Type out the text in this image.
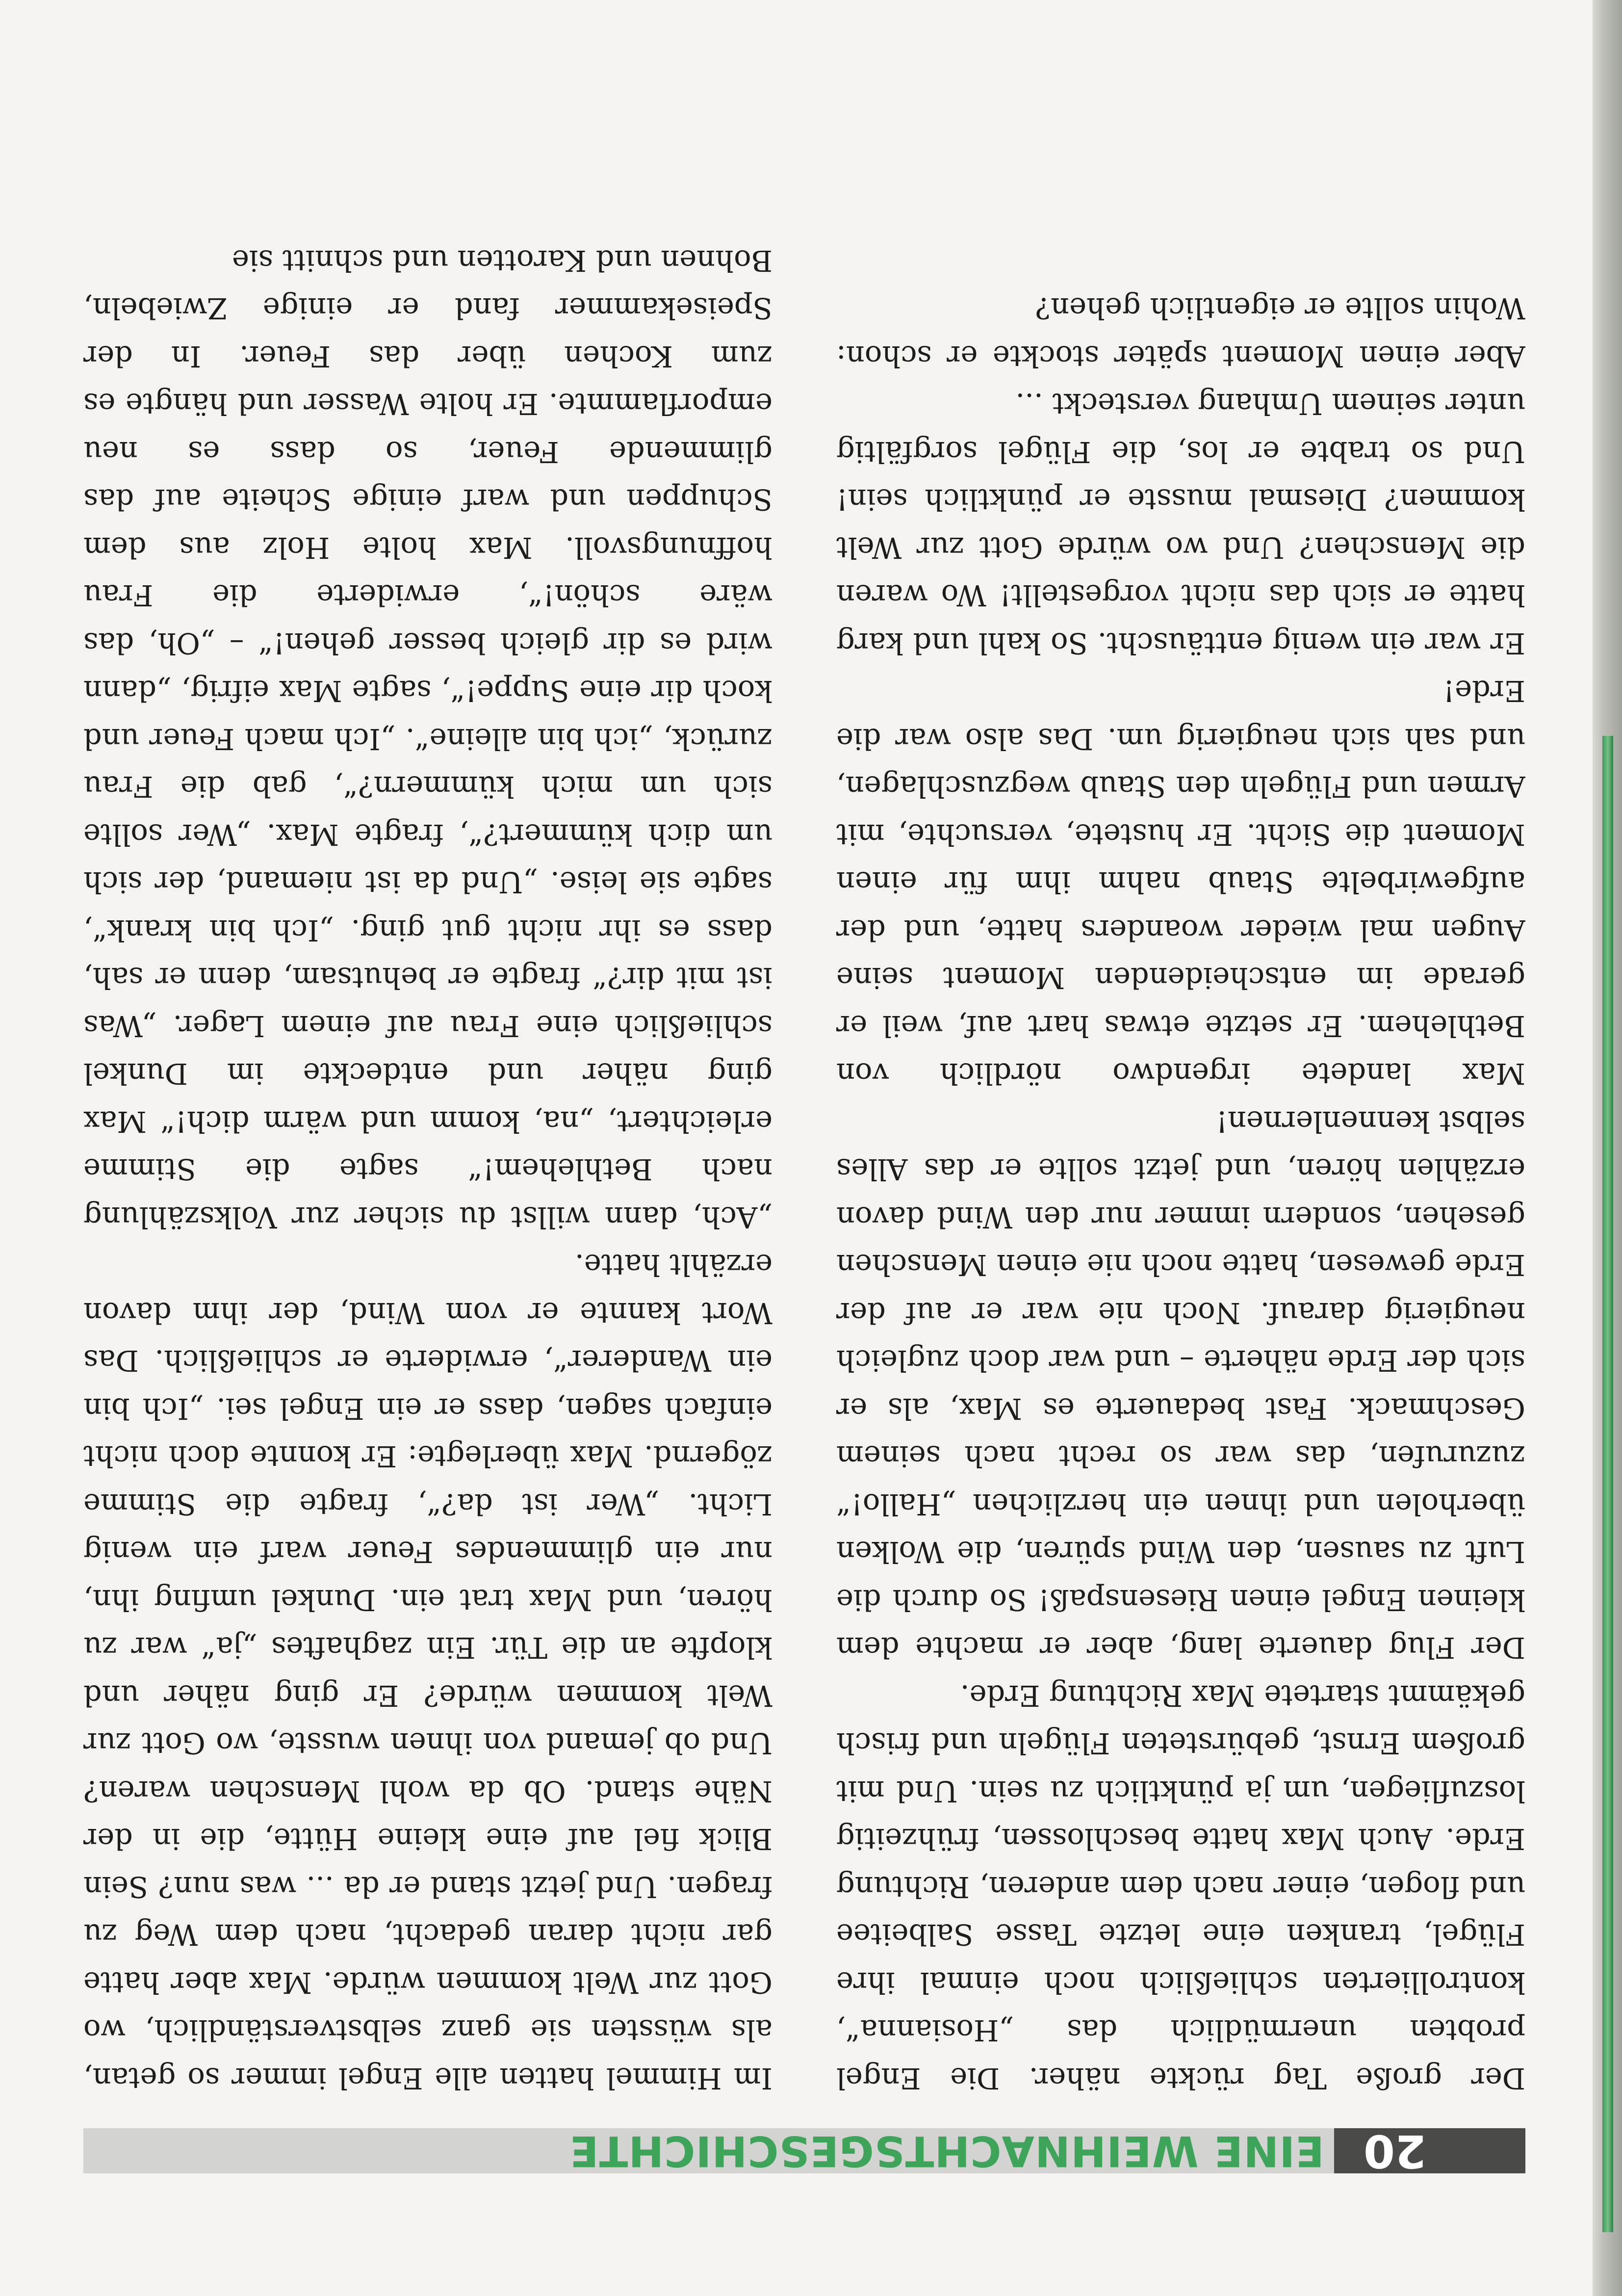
20
EINE WEIHNACHTSGESCHICHTE

Der große Tag rückte näher. Die Engel probten unermüdlich das „Hosianna“, kontrollierten schließlich noch einmal ihre Flügel, tranken eine letzte Tasse Salbeitee und flogen, einer nach dem anderen, Richtung Erde. Auch Max hatte beschlossen, frühzeitig loszufliegen, um ja pünktlich zu sein. Und mit großem Ernst, gebürsteten Flügeln und frisch gekämmt startete Max Richtung Erde.

Der Flug dauerte lang, aber er machte dem kleinen Engel einen Riesenspaß! So durch die Luft zu sausen, den Wind spüren, die Wolken überholen und ihnen ein herzlichen „Hallo!“ zuzurufen, das war so recht nach seinem Geschmack. Fast bedauerte es Max, als er sich der Erde näherte – und war doch zugleich neugierig darauf. Noch nie war er auf der Erde gewesen, hatte noch nie einen Menschen gesehen, sondern immer nur den Wind davon erzählen hören, und jetzt sollte er das Alles selbst kennenlernen!

Max landete irgendwo nördlich von Bethlehem. Er setzte etwas hart auf, weil er gerade im entscheidenden Moment seine Augen mal wieder woanders hatte, und der aufgewirbelte Staub nahm ihm für einen Moment die Sicht. Er hustete, versuchte, mit Armen und Flügeln den Staub wegzuschlagen, und sah sich neugierig um. Das also war die Erde!

Er war ein wenig enttäuscht. So kahl und karg hatte er sich das nicht vorgestellt! Wo waren die Menschen? Und wo würde Gott zur Welt kommen? Diesmal musste er pünktlich sein! Und so trabte er los, die Flügel sorgfältig unter seinem Umhang versteckt ...

Aber einen Moment später stockte er schon: Wohin sollte er eigentlich gehen?

Im Himmel hatten alle Engel immer so getan, als wüssten sie ganz selbstverständlich, wo Gott zur Welt kommen würde. Max aber hatte gar nicht daran gedacht, nach dem Weg zu fragen. Und jetzt stand er da ... was nun? Sein Blick fiel auf eine kleine Hütte, die in der Nähe stand. Ob da wohl Menschen waren? Und ob jemand von ihnen wusste, wo Gott zur Welt kommen würde? Er ging näher und klopfte an die Tür. Ein zaghaftes „ja“ war zu hören, und Max trat ein. Dunkel umfing ihn, nur ein glimmendes Feuer warf ein wenig Licht. „Wer ist da?“, fragte die Stimme zögernd. Max überlegte: Er konnte doch nicht einfach sagen, dass er ein Engel sei. „Ich bin ein Wanderer“, erwiderte er schließlich. Das Wort kannte er vom Wind, der ihm davon erzählt hatte.

„Ach, dann willst du sicher zur Volkszählung nach Bethlehem!“ sagte die Stimme erleichtert, „na, komm und wärm dich!“ Max ging näher und entdeckte im Dunkel schließlich eine Frau auf einem Lager. „Was ist mit dir?“ fragte er behutsam, denn er sah, dass es ihr nicht gut ging. „Ich bin krank“, sagte sie leise. „Und da ist niemand, der sich um dich kümmert?“, fragte Max. „Wer sollte sich um mich kümmern?“, gab die Frau zurück, „ich bin alleine“. „Ich mach Feuer und koch dir eine Suppe!“, sagte Max eifrig, „dann wird es dir gleich besser gehen!“ – „Oh, das wäre schön!“, erwiderte die Frau hoffnungsvoll. Max holte Holz aus dem Schuppen und warf einige Scheite auf das glimmende Feuer, so dass es neu emporflammte. Er holte Wasser und hängte es zum Kochen über das Feuer. In der Speisekammer fand er einige Zwiebeln, Bohnen und Karotten und schnitt sie
